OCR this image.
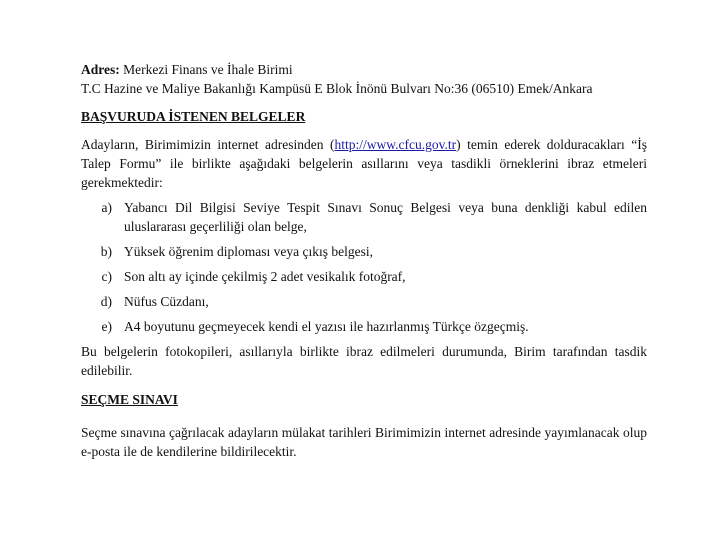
Adres: Merkezi Finans ve İhale Birimi
T.C Hazine ve Maliye Bakanlığı Kampüsü E Blok İnönü Bulvarı No:36 (06510) Emek/Ankara
BAŞVURUDA İSTENEN BELGELER
Adayların, Birimimizin internet adresinden (http://www.cfcu.gov.tr) temin ederek dolduracakları “İş Talep Formu” ile birlikte aşağıdaki belgelerin asıllarını veya tasdikli örneklerini ibraz etmeleri gerekmektedir:
a) Yabancı Dil Bilgisi Seviye Tespit Sınavı Sonuç Belgesi veya buna denkliği kabul edilen uluslararası geçerliliği olan belge,
b) Yüksek öğrenim diploması veya çıkış belgesi,
c) Son altı ay içinde çekilmiş 2 adet vesikalık fotoğraf,
d) Nüfus Cüzdanı,
e) A4 boyutunu geçmeyecek kendi el yazısı ile hazırlanmış Türkçe özgeçmiş.
Bu belgelerin fotokopileri, asıllarıyla birlikte ibraz edilmeleri durumunda, Birim tarafından tasdik edilebilir.
SEÇME SINAVI
Seçme sınavına çağrılacak adayların mülakat tarihleri Birimimizin internet adresinde yayımlanacak olup e-posta ile de kendilerine bildirilecektir.
